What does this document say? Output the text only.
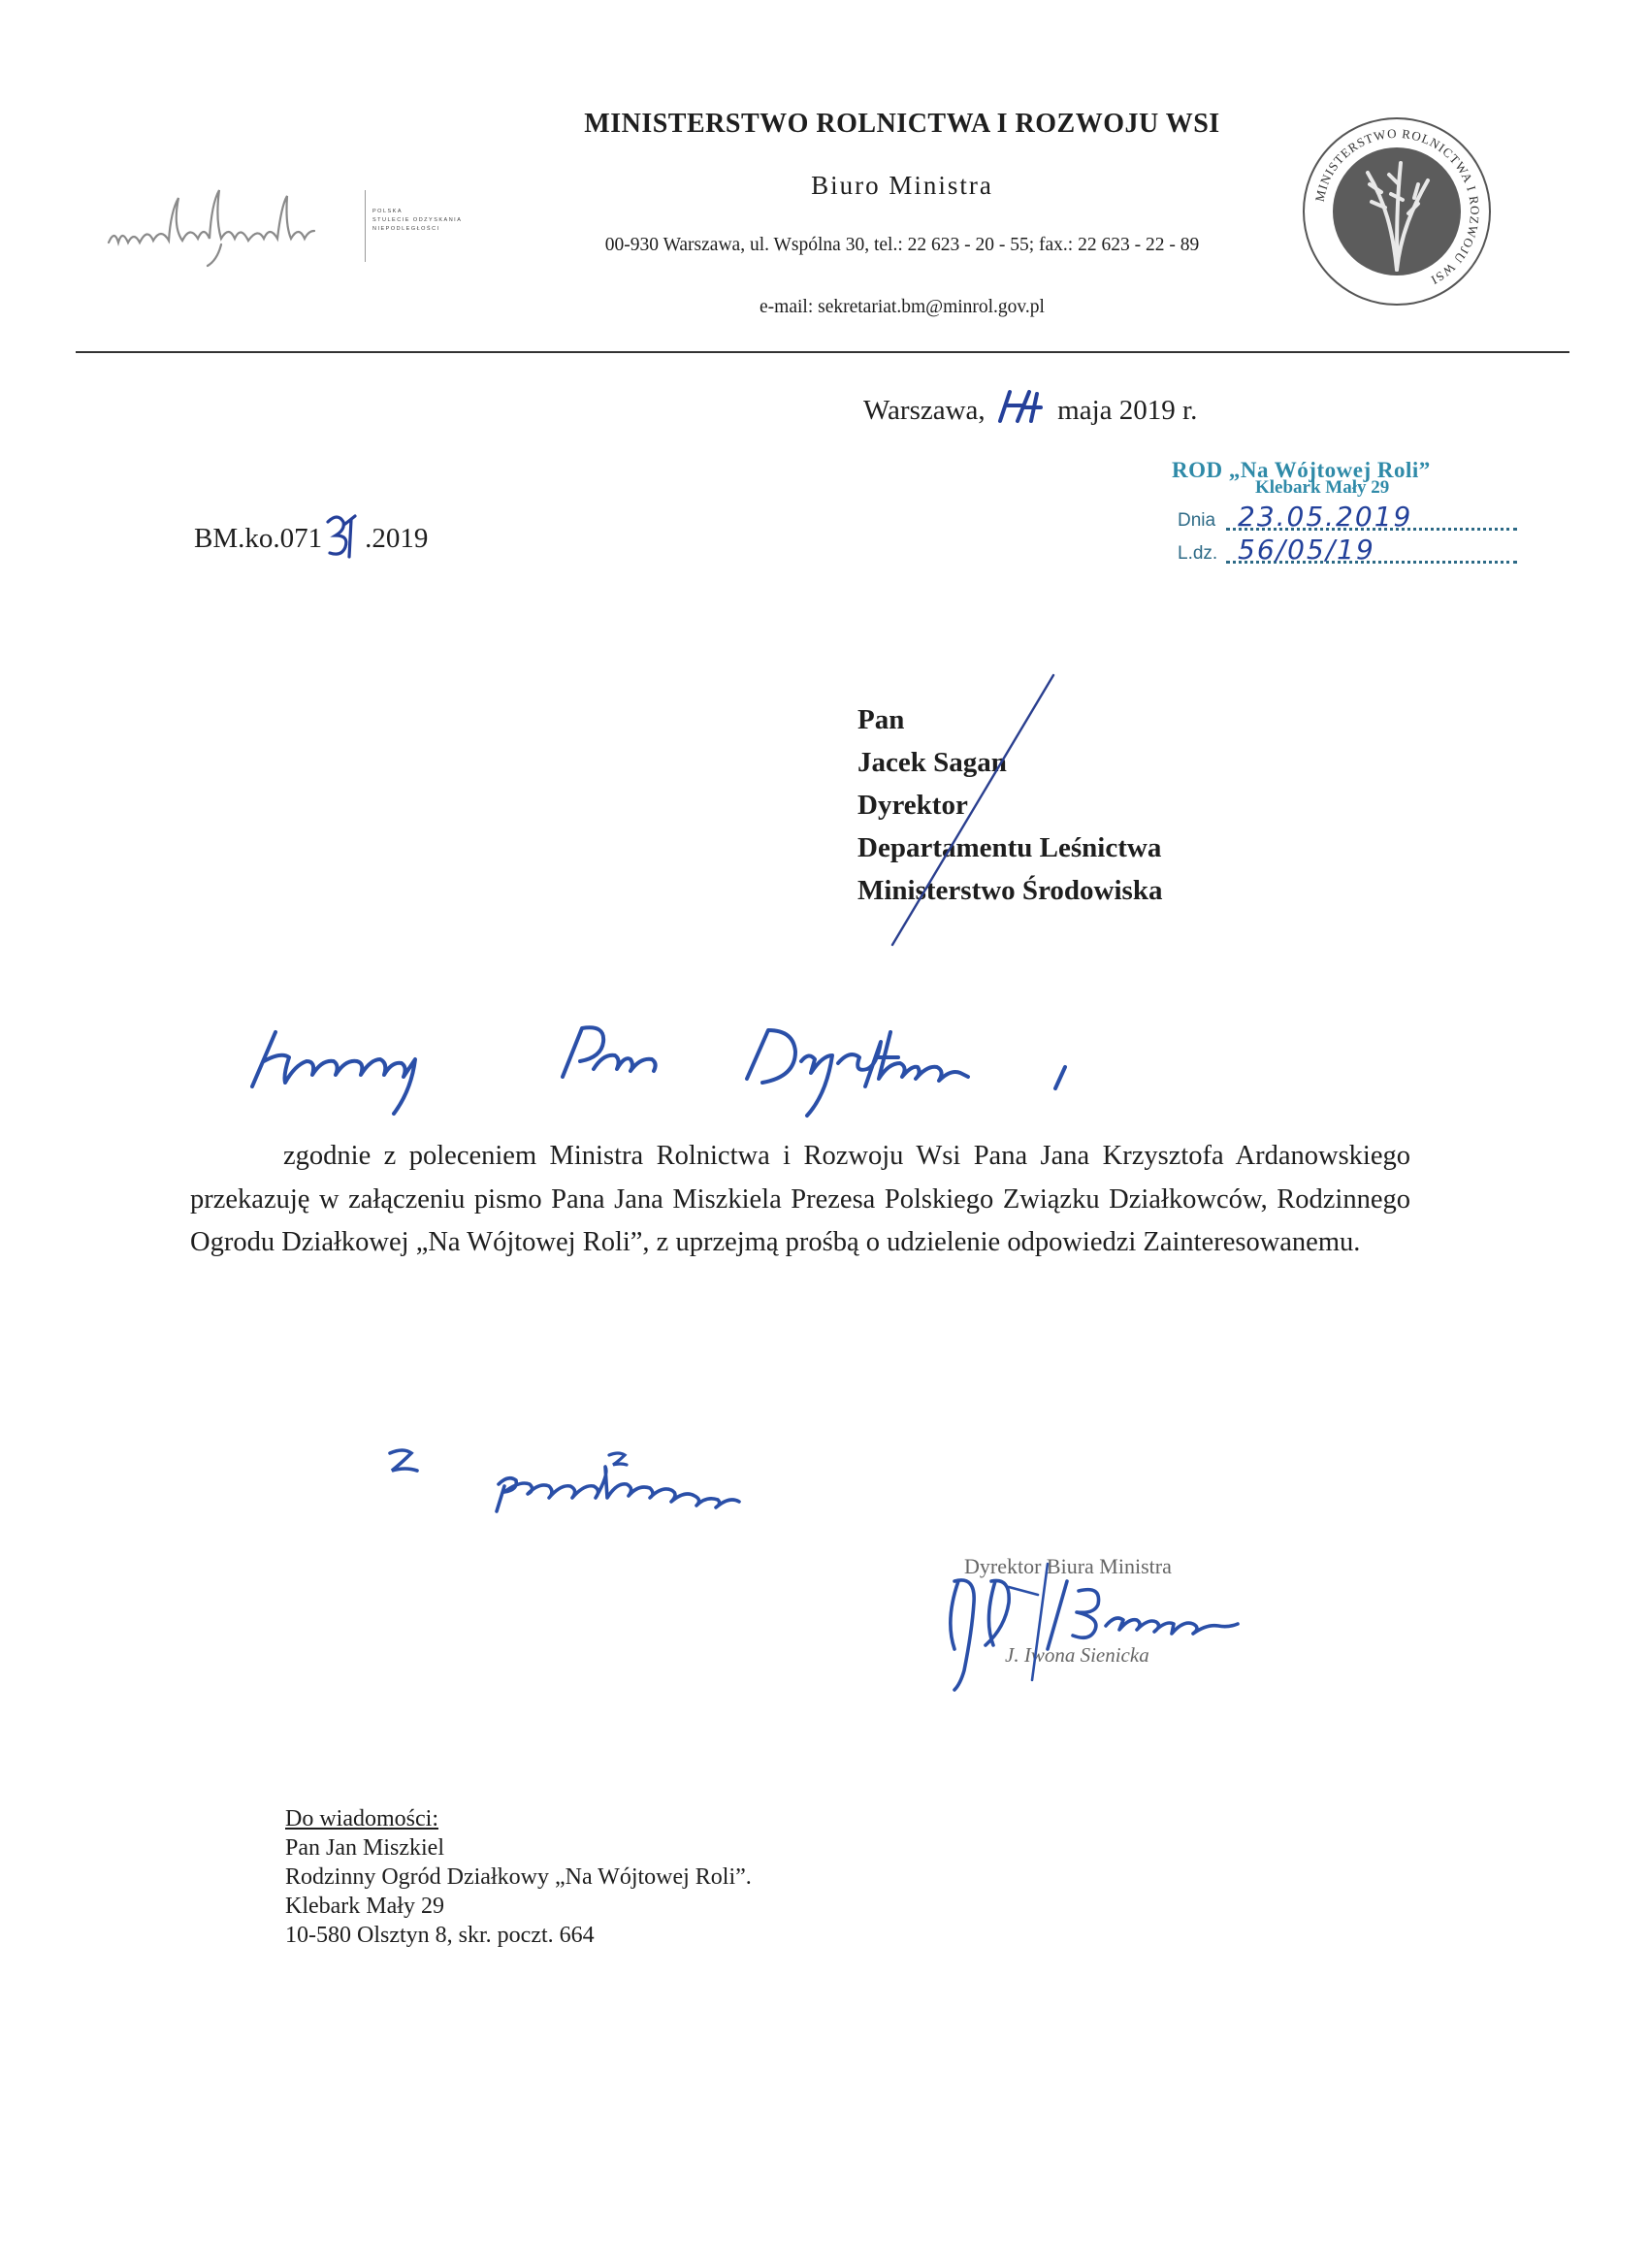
MINISTERSTWO ROLNICTWA I ROZWOJU WSI
Biuro Ministra
00-930 Warszawa, ul. Wspólna 30, tel.: 22 623 - 20 - 55; fax.: 22 623 - 22 - 89
e-mail: sekretariat.bm@minrol.gov.pl
niepodległa
POLSKA
STULECIE ODZYSKANIA
NIEPODLEGŁOŚCI
MINISTERSTWO ROLNICTWA I ROZWOJU WSI
Warszawa,
14
maja 2019 r.
BM.ko.071
31
.2019
ROD „Na Wójtowej Roli”
Klebark Mały 29
Dnia 23.05.2019
L.dz. 56/05/19
Pan
Jacek Sagan
Dyrektor
Departamentu Leśnictwa
Ministerstwo Środowiska
Szanowny Panie Dyrektorze,
zgodnie z poleceniem Ministra Rolnictwa i Rozwoju Wsi Pana Jana Krzysztofa Ardanowskiego przekazuję w załączeniu pismo Pana Jana Miszkiela Prezesa Polskiego Związku Działkowców, Rodzinnego Ogrodu Działkowej „Na Wójtowej Roli”, z uprzejmą prośbą o udzielenie odpowiedzi Zainteresowanemu.
Z poważaniem
Dyrektor Biura Ministra
J. Iwona Sienicka
Do wiadomości:
Pan Jan Miszkiel
Rodzinny Ogród Działkowy „Na Wójtowej Roli”.
Klebark Mały 29
10-580 Olsztyn 8, skr. poczt. 664
